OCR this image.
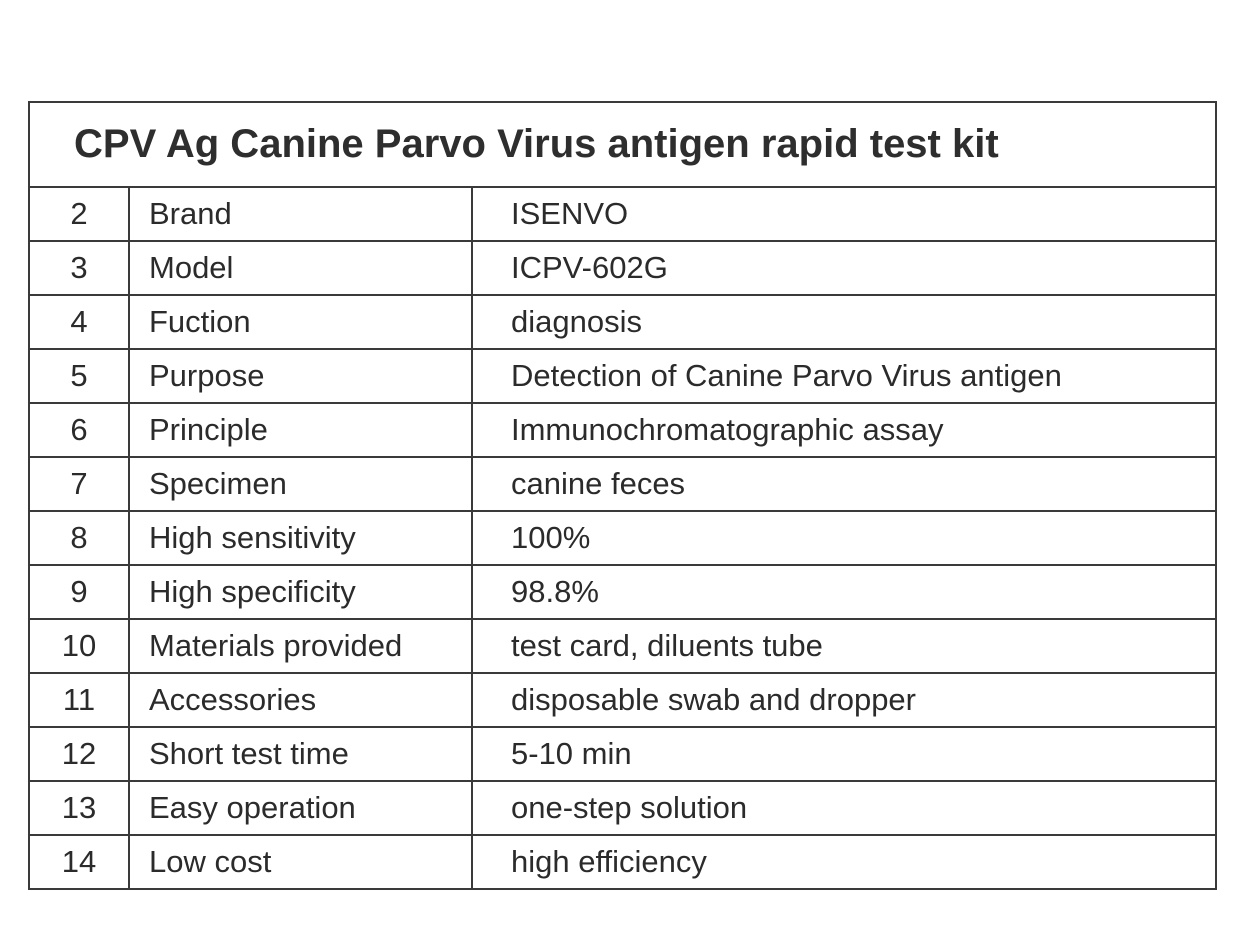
CPV Ag Canine Parvo Virus antigen rapid test kit		
2	Brand	ISENVO
3	Model	ICPV-602G
4	Fuction	diagnosis
5	Purpose	Detection of Canine Parvo Virus antigen
6	Principle	Immunochromatographic assay
7	Specimen	canine feces
8	High sensitivity	100%
9	High specificity	98.8%
10	Materials provided	test card, diluents tube
11	Accessories	disposable swab and dropper
12	Short test time	5-10 min
13	Easy operation	one-step solution
14	Low cost	high efficiency
